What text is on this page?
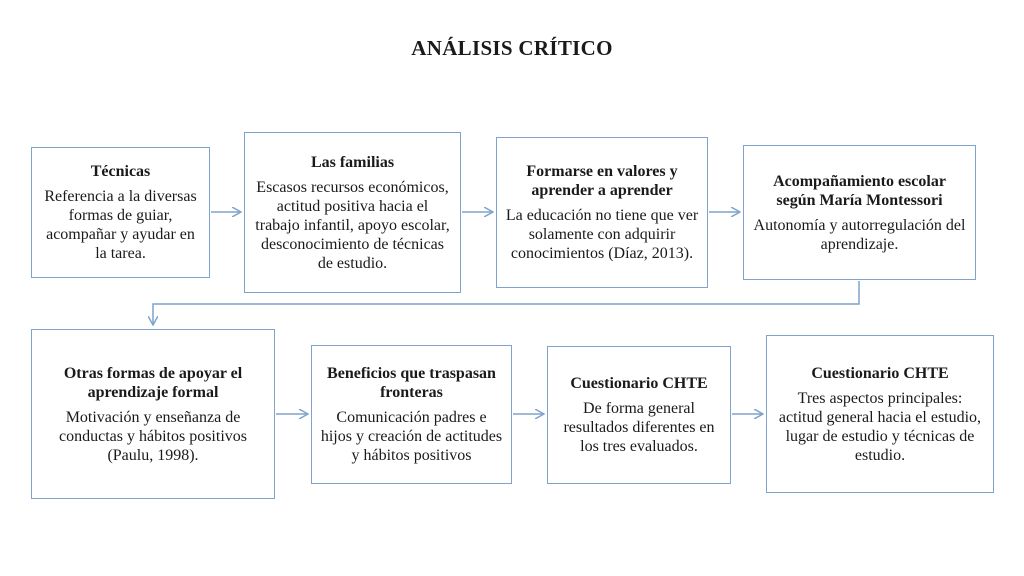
ANÁLISIS CRÍTICO
Técnicas
Referencia a la diversas formas de guiar, acompañar y ayudar en la tarea.
Las familias
Escasos recursos económicos, actitud positiva hacia el trabajo infantil, apoyo escolar, desconocimiento de técnicas de estudio.
Formarse en valores y aprender a aprender
La educación no tiene que ver solamente con adquirir conocimientos (Díaz, 2013).
Acompañamiento escolar según María Montessori
Autonomía y autorregulación del aprendizaje.
Otras formas de apoyar el aprendizaje formal
Motivación y enseñanza de conductas y hábitos positivos (Paulu, 1998).
Beneficios que traspasan fronteras
Comunicación padres e hijos y creación de actitudes y hábitos positivos
Cuestionario CHTE
De forma general resultados diferentes en los tres evaluados.
Cuestionario CHTE
Tres aspectos principales: actitud general hacia el estudio, lugar de estudio y técnicas de estudio.
